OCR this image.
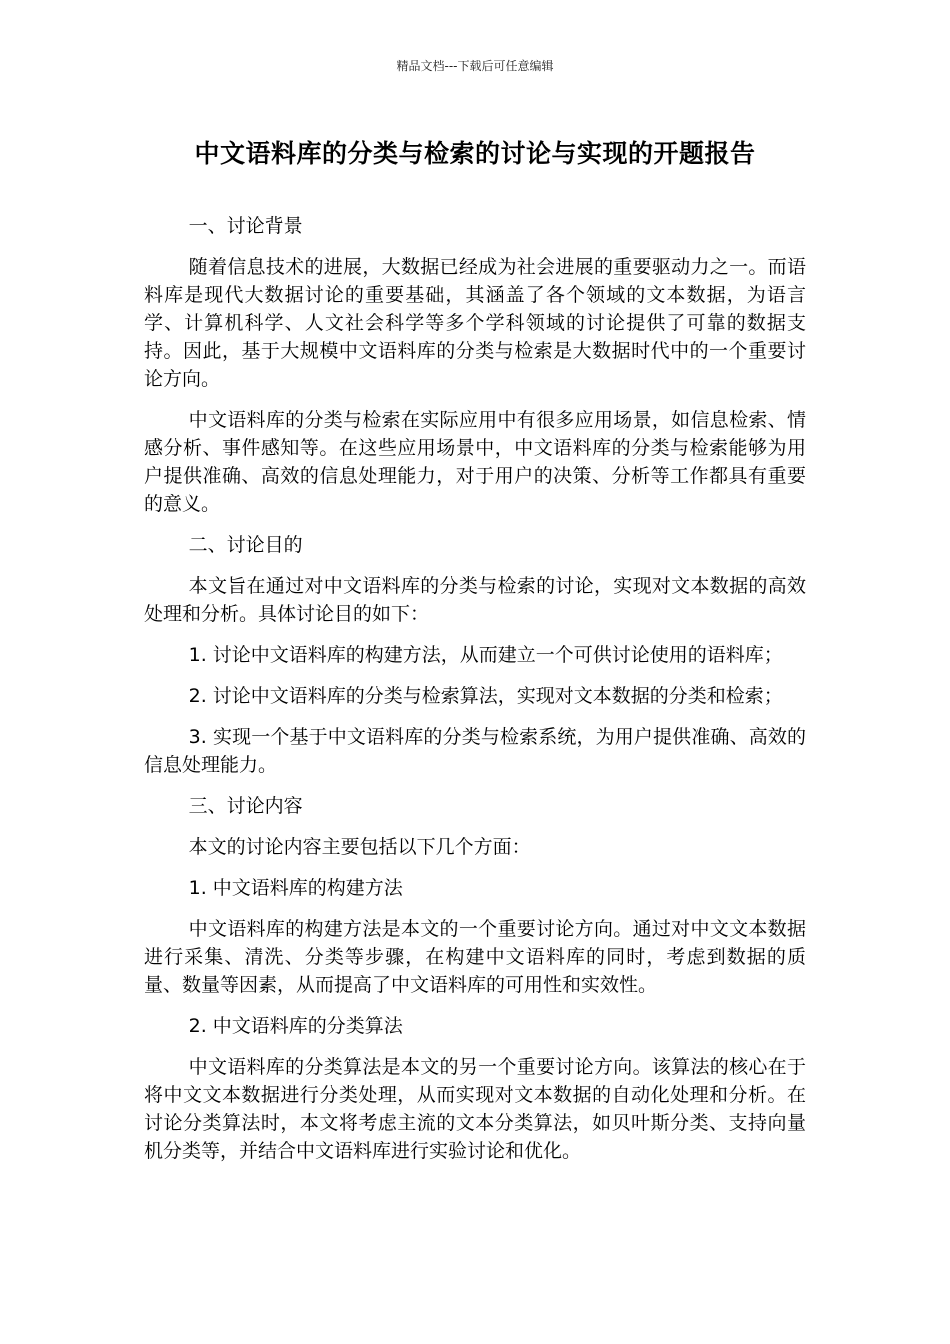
精品文档---下载后可任意编辑
中文语料库的分类与检索的讨论与实现的开题报告

一、讨论背景

随着信息技术的进展，大数据已经成为社会进展的重要驱动力之一。而语料库是现代大数据讨论的重要基础，其涵盖了各个领域的文本数据，为语言学、计算机科学、人文社会科学等多个学科领域的讨论提供了可靠的数据支持。因此，基于大规模中文语料库的分类与检索是大数据时代中的一个重要讨论方向。

中文语料库的分类与检索在实际应用中有很多应用场景，如信息检索、情感分析、事件感知等。在这些应用场景中，中文语料库的分类与检索能够为用户提供准确、高效的信息处理能力，对于用户的决策、分析等工作都具有重要的意义。

二、讨论目的

本文旨在通过对中文语料库的分类与检索的讨论，实现对文本数据的高效处理和分析。具体讨论目的如下：

1. 讨论中文语料库的构建方法，从而建立一个可供讨论使用的语料库；

2. 讨论中文语料库的分类与检索算法，实现对文本数据的分类和检索；

3. 实现一个基于中文语料库的分类与检索系统，为用户提供准确、高效的信息处理能力。

三、讨论内容

本文的讨论内容主要包括以下几个方面：

1. 中文语料库的构建方法

中文语料库的构建方法是本文的一个重要讨论方向。通过对中文文本数据进行采集、清洗、分类等步骤，在构建中文语料库的同时，考虑到数据的质量、数量等因素，从而提高了中文语料库的可用性和实效性。

2. 中文语料库的分类算法

中文语料库的分类算法是本文的另一个重要讨论方向。该算法的核心在于将中文文本数据进行分类处理，从而实现对文本数据的自动化处理和分析。在讨论分类算法时，本文将考虑主流的文本分类算法，如贝叶斯分类、支持向量机分类等，并结合中文语料库进行实验讨论和优化。
